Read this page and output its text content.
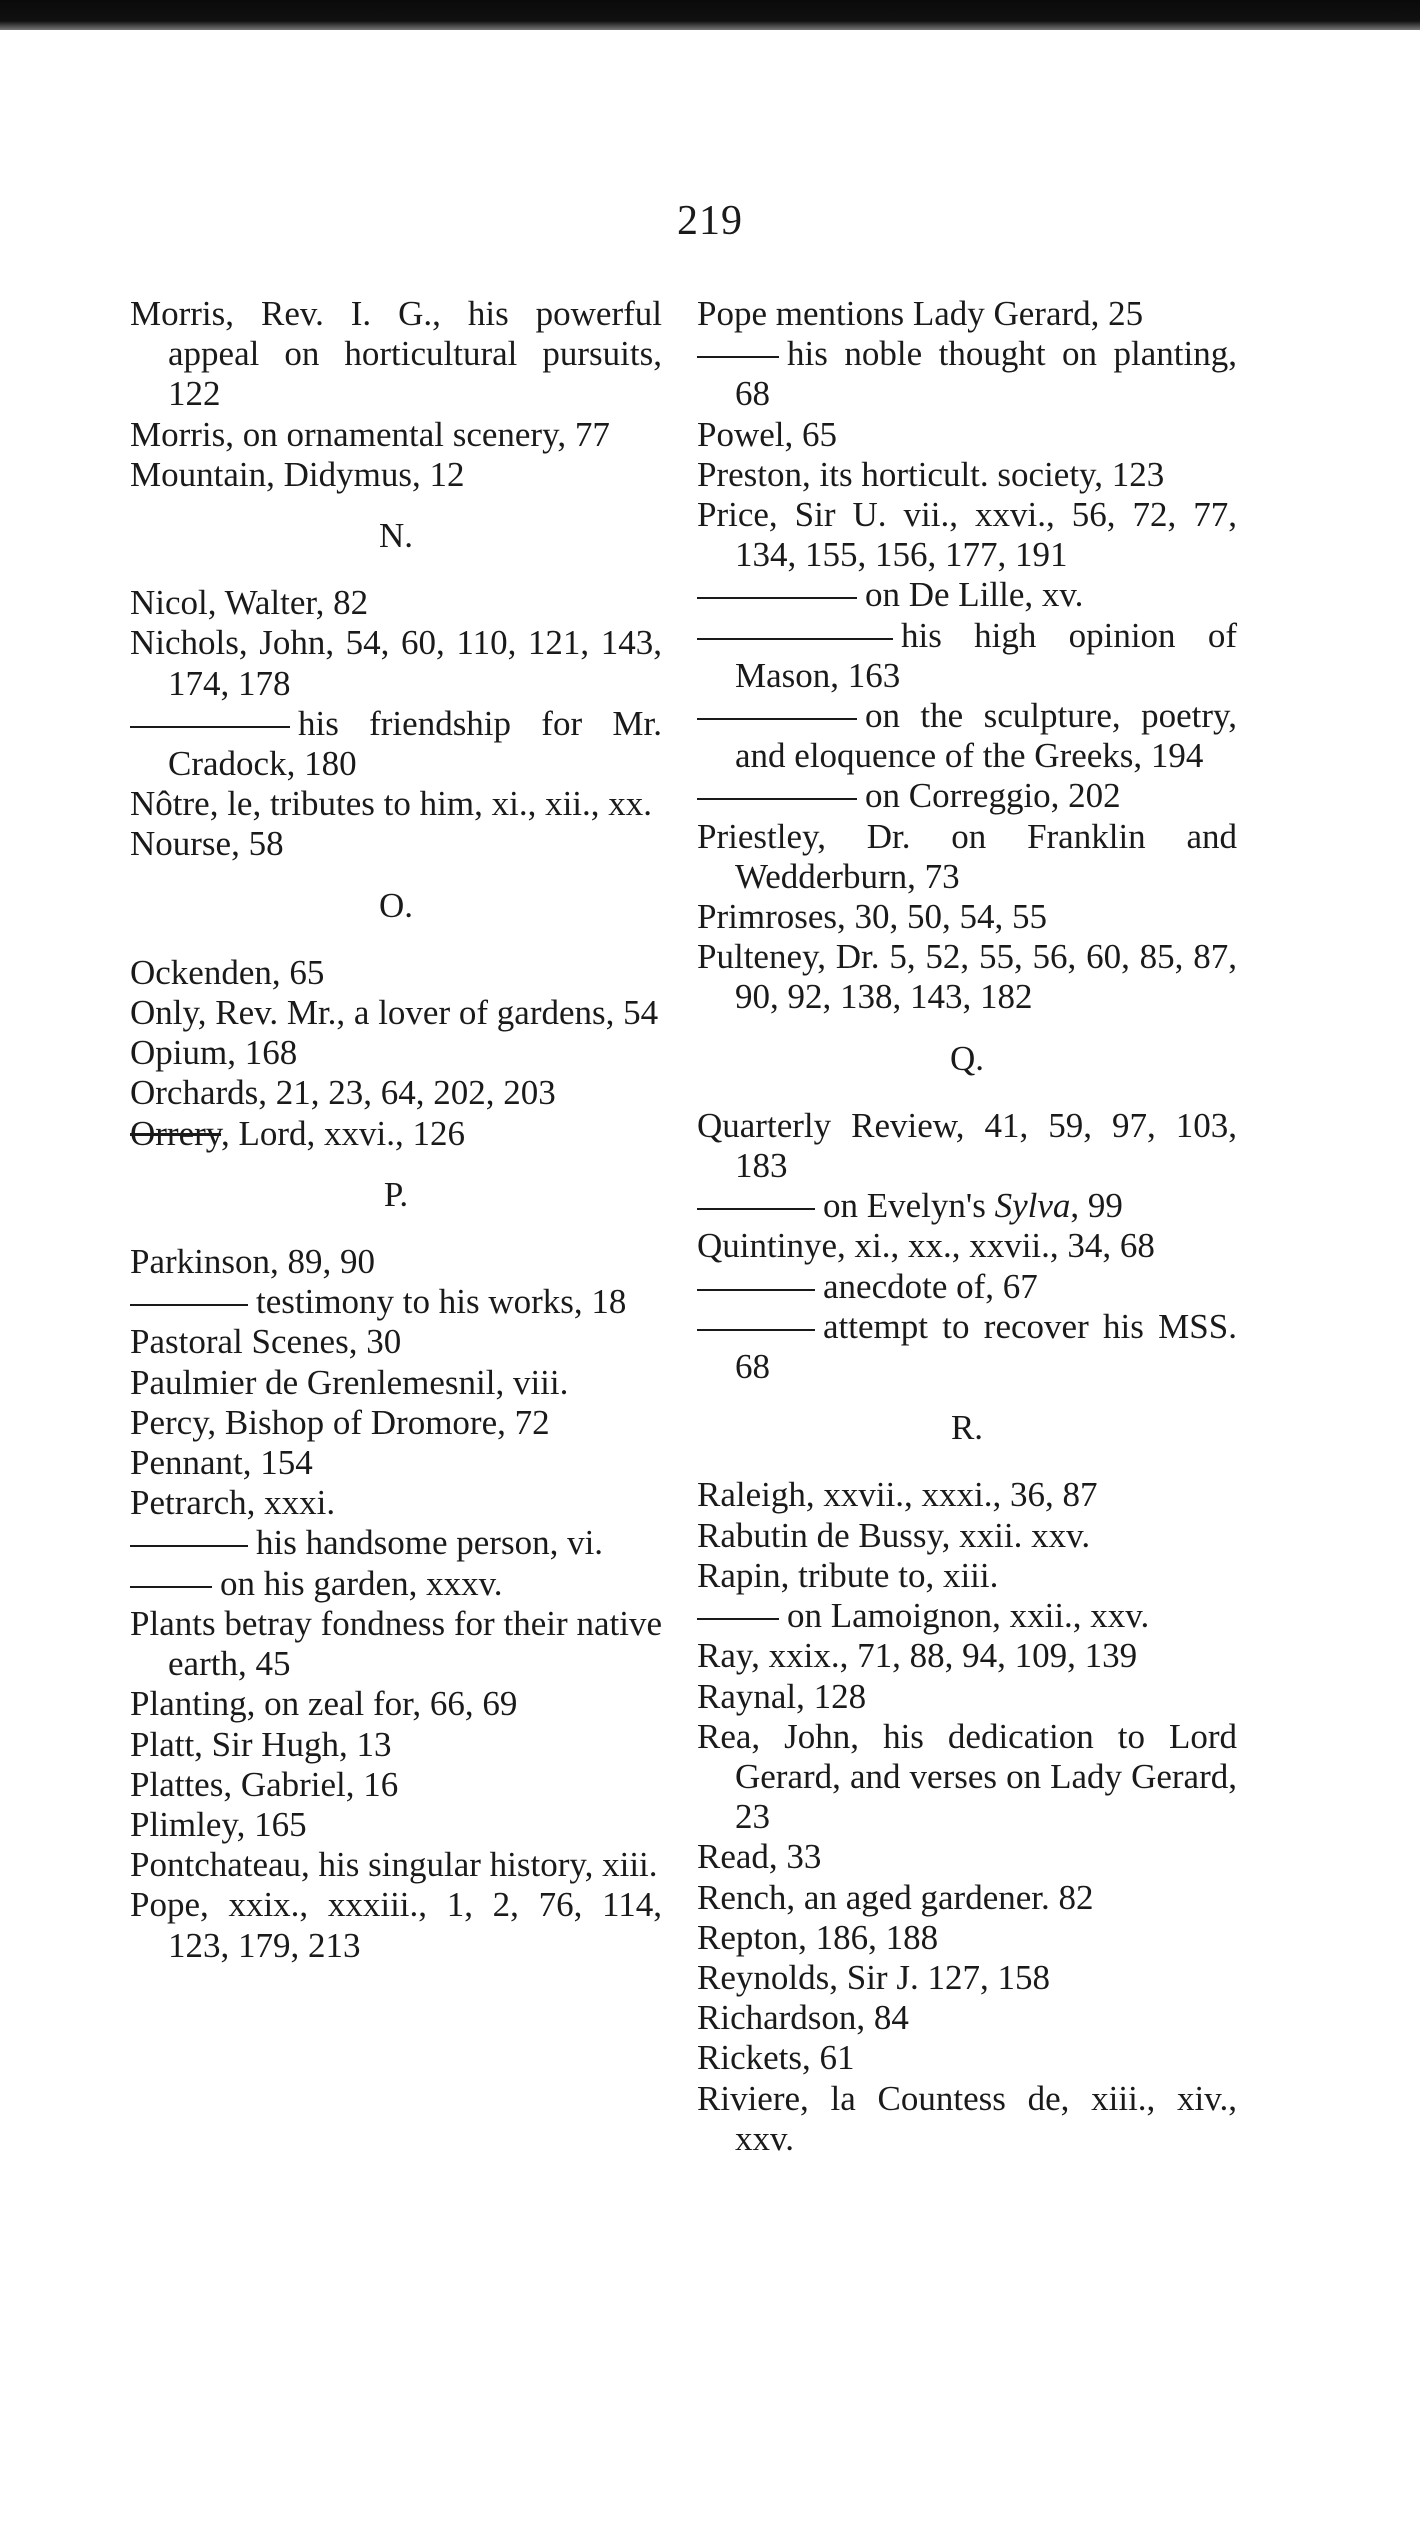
219
Morris, Rev. I. G., his powerful appeal on horticultural pursuits, 122
Morris, on ornamental scenery, 77
Mountain, Didymus, 12
N.
Nicol, Walter, 82
Nichols, John, 54, 60, 110, 121, 143, 174, 178
his friendship for Mr. Cradock, 180
Nôtre, le, tributes to him, xi., xii., xx.
Nourse, 58
O.
Ockenden, 65
Only, Rev. Mr., a lover of gardens, 54
Opium, 168
Orchards, 21, 23, 64, 202, 203
Orrery, Lord, xxvi., 126
P.
Parkinson, 89, 90
testimony to his works, 18
Pastoral Scenes, 30
Paulmier de Grenlemesnil, viii.
Percy, Bishop of Dromore, 72
Pennant, 154
Petrarch, xxxi.
his handsome person, vi.
on his garden, xxxv.
Plants betray fondness for their native earth, 45
Planting, on zeal for, 66, 69
Platt, Sir Hugh, 13
Plattes, Gabriel, 16
Plimley, 165
Pontchateau, his singular history, xiii.
Pope, xxix., xxxiii., 1, 2, 76, 114, 123, 179, 213
Pope mentions Lady Gerard, 25
his noble thought on planting, 68
Powel, 65
Preston, its horticult. society, 123
Price, Sir U. vii., xxvi., 56, 72, 77, 134, 155, 156, 177, 191
on De Lille, xv.
his high opinion of Mason, 163
on the sculpture, poetry, and eloquence of the Greeks, 194
on Correggio, 202
Priestley, Dr. on Franklin and Wedderburn, 73
Primroses, 30, 50, 54, 55
Pulteney, Dr. 5, 52, 55, 56, 60, 85, 87, 90, 92, 138, 143, 182
Q.
Quarterly Review, 41, 59, 97, 103, 183
on Evelyn's Sylva, 99
Quintinye, xi., xx., xxvii., 34, 68
anecdote of, 67
attempt to recover his MSS. 68
R.
Raleigh, xxvii., xxxi., 36, 87
Rabutin de Bussy, xxii. xxv.
Rapin, tribute to, xiii.
on Lamoignon, xxii., xxv.
Ray, xxix., 71, 88, 94, 109, 139
Raynal, 128
Rea, John, his dedication to Lord Gerard, and verses on Lady Gerard, 23
Read, 33
Rench, an aged gardener. 82
Repton, 186, 188
Reynolds, Sir J. 127, 158
Richardson, 84
Rickets, 61
Riviere, la Countess de, xiii., xiv., xxv.
